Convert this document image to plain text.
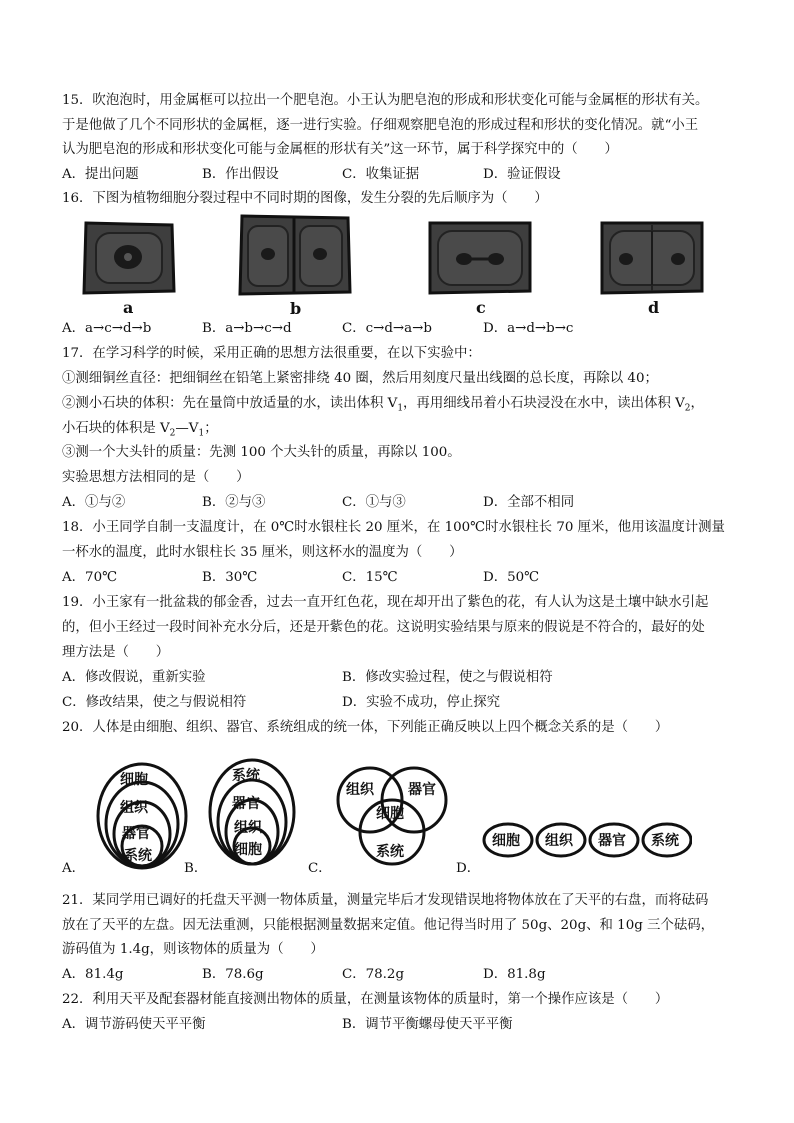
15．吹泡泡时，用金属框可以拉出一个肥皂泡。小王认为肥皂泡的形成和形状变化可能与金属框的形状有关。
于是他做了几个不同形状的金属框，逐一进行实验。仔细观察肥皂泡的形成过程和形状的变化情况。就“小王
认为肥皂泡的形成和形状变化可能与金属框的形状有关”这一环节，属于科学探究中的（　　）
A．提出问题	B．作出假设	C．收集证据	D．验证假设
16．下图为植物细胞分裂过程中不同时期的图像，发生分裂的先后顺序为（　　）
a	b	c	d
A．a→c→d→b	B．a→b→c→d	C．c→d→a→b	D．a→d→b→c
17．在学习科学的时候，采用正确的思想方法很重要，在以下实验中：
①测细铜丝直径：把细铜丝在铅笔上紧密排绕 40 圈，然后用刻度尺量出线圈的总长度，再除以 40；
②测小石块的体积：先在量筒中放适量的水，读出体积 $V_1$，再用细线吊着小石块浸没在水中，读出体积 $V_2$，
小石块的体积是 $V_2—V_1$；
③测一个大头针的质量：先测 100 个大头针的质量，再除以 100。
实验思想方法相同的是（　　）
A．①与②	B．②与③	C．①与③	D．全部不相同
18．小王同学自制一支温度计，在 0℃时水银柱长 20 厘米，在 100℃时水银柱长 70 厘米，他用该温度计测量
一杯水的温度，此时水银柱长 35 厘米，则这杯水的温度为（　　）
A．70℃	B．30℃	C．15℃	D．50℃
19．小王家有一批盆栽的郁金香，过去一直开红色花，现在却开出了紫色的花，有人认为这是土壤中缺水引起
的，但小王经过一段时间补充水分后，还是开紫色的花。这说明实验结果与原来的假说是不符合的，最好的处
理方法是（　　）
A．修改假说，重新实验	B．修改实验过程，使之与假说相符
C．修改结果，使之与假说相符	D．实验不成功，停止探究
20．人体是由细胞、组织、器官、系统组成的统一体，下列能正确反映以上四个概念关系的是（　　）
细胞
组织
器官
系统
A．
系统
器官
组织
细胞
B．
组织 器官
细胞
系统
C．
细胞 组织 器官 系统
D．
21．某同学用已调好的托盘天平测一物体质量，测量完毕后才发现错误地将物体放在了天平的右盘，而将砝码
放在了天平的左盘。因无法重测，只能根据测量数据来定值。他记得当时用了 50g、20g、和 10g 三个砝码，
游码值为 1.4g，则该物体的质量为（　　）
A．81.4g	B．78.6g	C．78.2g	D．81.8g
22．利用天平及配套器材能直接测出物体的质量，在测量该物体的质量时，第一个操作应该是（　　）
A．调节游码使天平平衡	B．调节平衡螺母使天平平衡
